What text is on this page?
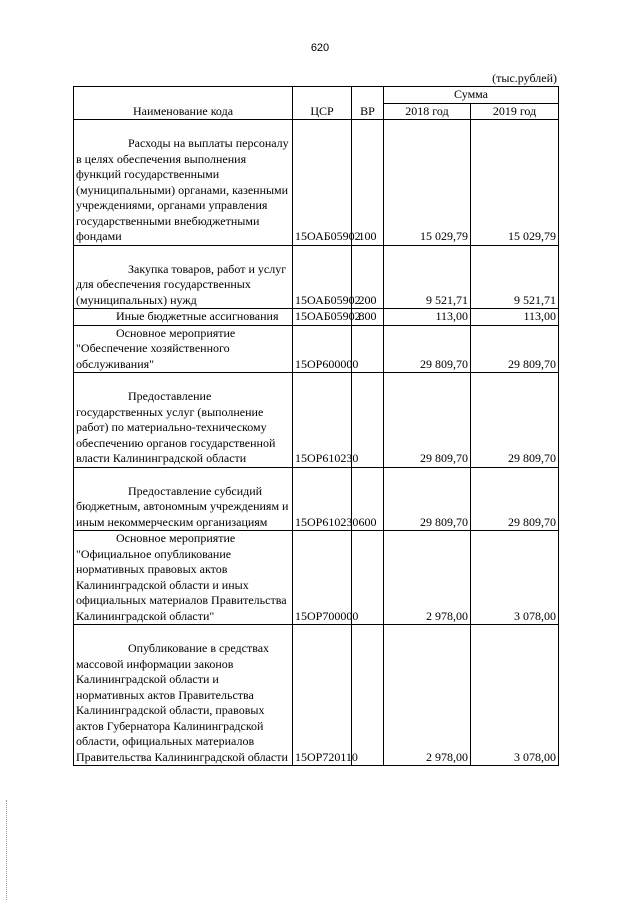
620
(тыс.рублей)
Наименование кода	ЦСР	ВР	Сумма	
			2018 год	2019 год
Расходы на выплаты персоналу в целях обеспечения выполнения функций государственными (муниципальными) органами, казенными учреждениями, органами управления государственными внебюджетными фондами	15ОАБ05902	100	15 029,79	15 029,79
Закупка товаров, работ и услуг для обеспечения государственных (муниципальных) нужд	15ОАБ05902	200	9 521,71	9 521,71
Иные бюджетные ассигнования	15ОАБ05902	800	113,00	113,00
Основное мероприятие "Обеспечение хозяйственного обслуживания"	15ОР600000		29 809,70	29 809,70
Предоставление государственных услуг (выполнение работ) по материально-техническому обеспечению органов государственной власти Калининградской области	15ОР610230		29 809,70	29 809,70
Предоставление субсидий бюджетным, автономным учреждениям и иным некоммерческим организациям	15ОР610230	600	29 809,70	29 809,70
Основное мероприятие "Официальное опубликование нормативных правовых актов Калининградской области и иных официальных материалов Правительства Калининградской области"	15ОР700000		2 978,00	3 078,00
Опубликование в средствах массовой информации законов Калининградской области и нормативных актов Правительства Калининградской области, правовых актов Губернатора Калининградской области, официальных материалов Правительства Калининградской области	15ОР720110		2 978,00	3 078,00
